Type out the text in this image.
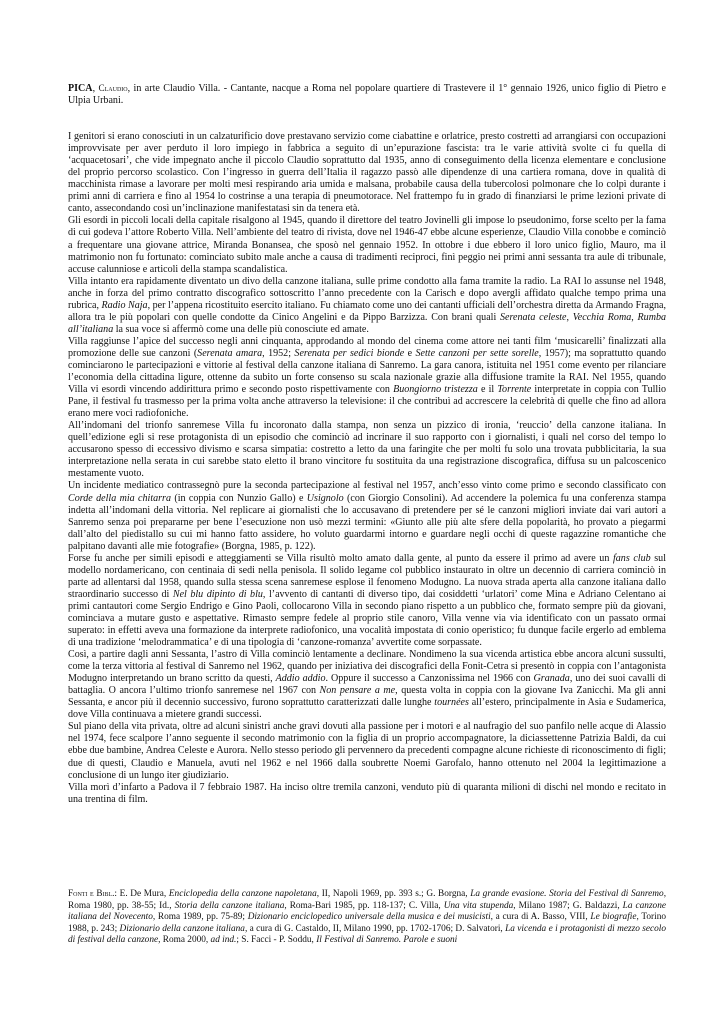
PICA, Claudio, in arte Claudio Villa. - Cantante, nacque a Roma nel popolare quartiere di Trastevere il 1° gennaio 1926, unico figlio di Pietro e Ulpia Urbani.

I genitori si erano conosciuti in un calzaturificio dove prestavano servizio come ciabattine e orlatrice, presto costretti ad arrangiarsi con occupazioni improvvisate per aver perduto il loro impiego in fabbrica a seguito di un’epurazione fascista: tra le varie attività svolte ci fu quella di ‘acquacetosari’, che vide impegnato anche il piccolo Claudio soprattutto dal 1935, anno di conseguimento della licenza elementare e conclusione del proprio percorso scolastico. Con l’ingresso in guerra dell’Italia il ragazzo passò alle dipendenze di una cartiera romana, dove in qualità di macchinista rimase a lavorare per molti mesi respirando aria umida e malsana, probabile causa della tubercolosi polmonare che lo colpì durante i primi anni di carriera e fino al 1954 lo costrinse a una terapia di pneumotorace. Nel frattempo fu in grado di finanziarsi le prime lezioni private di canto, assecondando così un’inclinazione manifestatasi sin da tenera età.

Gli esordi in piccoli locali della capitale risalgono al 1945, quando il direttore del teatro Jovinelli gli impose lo pseudonimo, forse scelto per la fama di cui godeva l’attore Roberto Villa. Nell’ambiente del teatro di rivista, dove nel 1946-47 ebbe alcune esperienze, Claudio Villa conobbe e cominciò a frequentare una giovane attrice, Miranda Bonansea, che sposò nel gennaio 1952. In ottobre i due ebbero il loro unico figlio, Mauro, ma il matrimonio non fu fortunato: cominciato subito male anche a causa di tradimenti reciproci, finì peggio nei primi anni sessanta tra aule di tribunale, accuse calunniose e articoli della stampa scandalistica.

Villa intanto era rapidamente diventato un divo della canzone italiana, sulle prime condotto alla fama tramite la radio. La RAI lo assunse nel 1948, anche in forza del primo contratto discografico sottoscritto l’anno precedente con la Carisch e dopo avergli affidato qualche tempo prima una rubrica, Radio Naja, per l’appena ricostituito esercito italiano. Fu chiamato come uno dei cantanti ufficiali dell’orchestra diretta da Armando Fragna, allora tra le più popolari con quelle condotte da Cinico Angelini e da Pippo Barzizza. Con brani quali Serenata celeste, Vecchia Roma, Rumba all’italiana la sua voce si affermò come una delle più conosciute ed amate.

Villa raggiunse l’apice del successo negli anni cinquanta, approdando al mondo del cinema come attore nei tanti film ‘musicarelli’ finalizzati alla promozione delle sue canzoni (Serenata amara, 1952; Serenata per sedici bionde e Sette canzoni per sette sorelle, 1957); ma soprattutto quando cominciarono le partecipazioni e vittorie al festival della canzone italiana di Sanremo. La gara canora, istituita nel 1951 come evento per rilanciare l’economia della cittadina ligure, ottenne da subito un forte consenso su scala nazionale grazie alla diffusione tramite la RAI. Nel 1955, quando Villa vi esordì vincendo addirittura primo e secondo posto rispettivamente con Buongiorno tristezza e il Torrente interpretate in coppia con Tullio Pane, il festival fu trasmesso per la prima volta anche attraverso la televisione: il che contribuì ad accrescere la celebrità di quelle che fino ad allora erano mere voci radiofoniche.

All’indomani del trionfo sanremese Villa fu incoronato dalla stampa, non senza un pizzico di ironia, ‘reuccio’ della canzone italiana. In quell’edizione egli si rese protagonista di un episodio che cominciò ad incrinare il suo rapporto con i giornalisti, i quali nel corso del tempo lo accusarono spesso di eccessivo divismo e scarsa simpatia: costretto a letto da una faringite che per molti fu solo una trovata pubblicitaria, la sua interpretazione nella serata in cui sarebbe stato eletto il brano vincitore fu sostituita da una registrazione discografica, diffusa su un palcoscenico mestamente vuoto.

Un incidente mediatico contrassegnò pure la seconda partecipazione al festival nel 1957, anch’esso vinto come primo e secondo classificato con Corde della mia chitarra (in coppia con Nunzio Gallo) e Usignolo (con Giorgio Consolini). Ad accendere la polemica fu una conferenza stampa indetta all’indomani della vittoria. Nel replicare ai giornalisti che lo accusavano di pretendere per sé le canzoni migliori inviate dai vari autori a Sanremo senza poi prepararne per bene l’esecuzione non usò mezzi termini: «Giunto alle più alte sfere della popolarità, ho provato a piegarmi dall’alto del piedistallo su cui mi hanno fatto assidere, ho voluto guardarmi intorno e guardare negli occhi di queste ragazzine romantiche che palpitano davanti alle mie fotografie» (Borgna, 1985, p. 122).

Forse fu anche per simili episodi e atteggiamenti se Villa risultò molto amato dalla gente, al punto da essere il primo ad avere un fans club sul modello nordamericano, con centinaia di sedi nella penisola. Il solido legame col pubblico instaurato in oltre un decennio di carriera cominciò in parte ad allentarsi dal 1958, quando sulla stessa scena sanremese esplose il fenomeno Modugno. La nuova strada aperta alla canzone italiana dallo straordinario successo di Nel blu dipinto di blu, l’avvento di cantanti di diverso tipo, dai cosiddetti ‘urlatori’ come Mina e Adriano Celentano ai primi cantautori come Sergio Endrigo e Gino Paoli, collocarono Villa in secondo piano rispetto a un pubblico che, formato sempre più da giovani, cominciava a mutare gusto e aspettative. Rimasto sempre fedele al proprio stile canoro, Villa venne via via identificato con un passato ormai superato: in effetti aveva una formazione da interprete radiofonico, una vocalità impostata di conio operistico; fu dunque facile ergerlo ad emblema di una tradizione ‘melodrammatica’ e di una tipologia di ‘canzone-romanza’ avvertite come sorpassate.

Così, a partire dagli anni Sessanta, l’astro di Villa cominciò lentamente a declinare. Nondimeno la sua vicenda artistica ebbe ancora alcuni sussulti, come la terza vittoria al festival di Sanremo nel 1962, quando per iniziativa dei discografici della Fonit-Cetra si presentò in coppia con l’antagonista Modugno interpretando un brano scritto da questi, Addio addio. Oppure il successo a Canzonissima nel 1966 con Granada, uno dei suoi cavalli di battaglia. O ancora l’ultimo trionfo sanremese nel 1967 con Non pensare a me, questa volta in coppia con la giovane Iva Zanicchi. Ma gli anni Sessanta, e ancor più il decennio successivo, furono soprattutto caratterizzati dalle lunghe tournées all’estero, principalmente in Asia e Sudamerica, dove Villa continuava a mietere grandi successi.

Sul piano della vita privata, oltre ad alcuni sinistri anche gravi dovuti alla passione per i motori e al naufragio del suo panfilo nelle acque di Alassio nel 1974, fece scalpore l’anno seguente il secondo matrimonio con la figlia di un proprio accompagnatore, la diciassettenne Patrizia Baldi, da cui ebbe due bambine, Andrea Celeste e Aurora. Nello stesso periodo gli pervennero da precedenti compagne alcune richieste di riconoscimento di figli; due di questi, Claudio e Manuela, avuti nel 1962 e nel 1966 dalla soubrette Noemi Garofalo, hanno ottenuto nel 2004 la legittimazione a conclusione di un lungo iter giudiziario.

Villa morì d’infarto a Padova il 7 febbraio 1987. Ha inciso oltre tremila canzoni, venduto più di quaranta milioni di dischi nel mondo e recitato in una trentina di film.

Fonti e Bibl.: E. De Mura, Enciclopedia della canzone napoletana, II, Napoli 1969, pp. 393 s.; G. Borgna, La grande evasione. Storia del Festival di Sanremo, Roma 1980, pp. 38-55; Id., Storia della canzone italiana, Roma-Bari 1985, pp. 118-137; C. Villa, Una vita stupenda, Milano 1987; G. Baldazzi, La canzone italiana del Novecento, Roma 1989, pp. 75-89; Dizionario enciclopedico universale della musica e dei musicisti, a cura di A. Basso, VIII, Le biografie, Torino 1988, p. 243; Dizionario della canzone italiana, a cura di G. Castaldo, II, Milano 1990, pp. 1702-1706; D. Salvatori, La vicenda e i protagonisti di mezzo secolo di festival della canzone, Roma 2000, ad ind.; S. Facci - P. Soddu, Il Festival di Sanremo. Parole e suoni
